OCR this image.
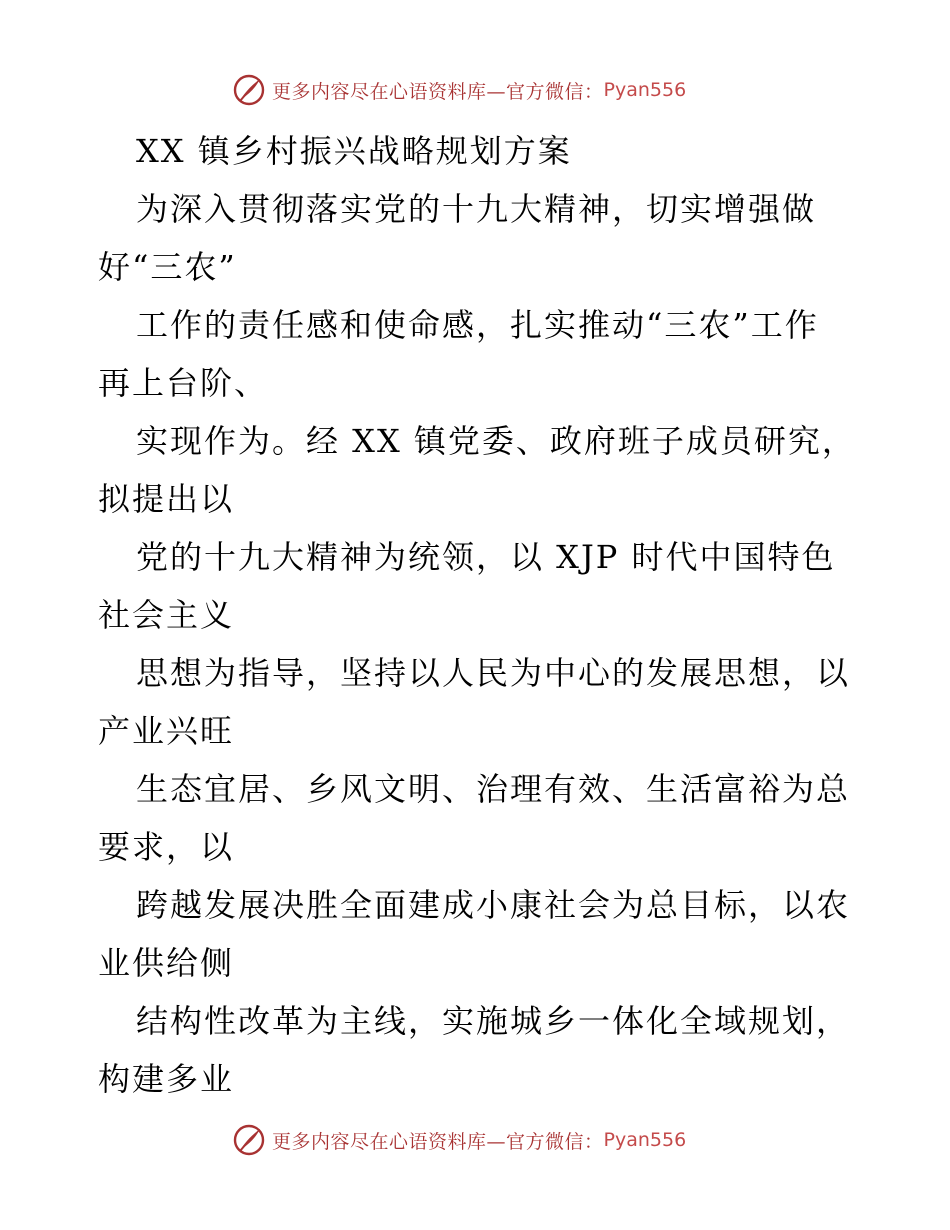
更多内容尽在心语资料库—官方微信： Pyan556
XX 镇乡村振兴战略规划方案
为深入贯彻落实党的十九大精神，切实增强做
好“三农”
工作的责任感和使命感，扎实推动“三农”工作
再上台阶、
实现作为。经 XX 镇党委、政府班子成员研究，
拟提出以
党的十九大精神为统领，以 XJP 时代中国特色
社会主义
思想为指导，坚持以人民为中心的发展思想，以
产业兴旺
生态宜居、乡风文明、治理有效、生活富裕为总
要求，以
跨越发展决胜全面建成小康社会为总目标，以农
业供给侧
结构性改革为主线，实施城乡一体化全域规划，
构建多业
更多内容尽在心语资料库—官方微信： Pyan556
